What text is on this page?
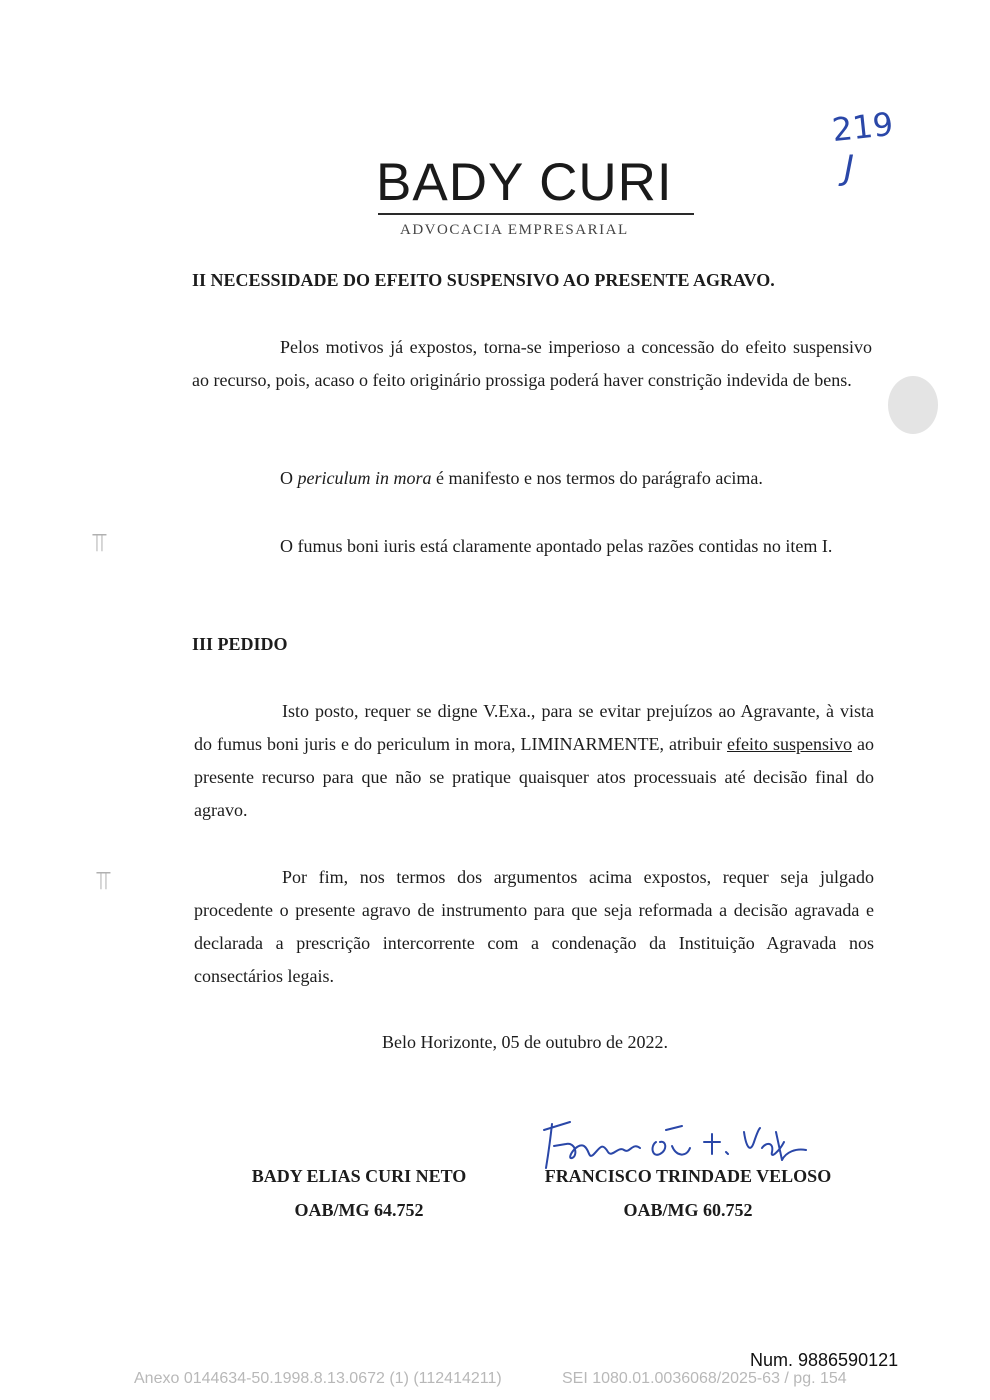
BADY CURI
ADVOCACIA EMPRESARIAL
219
J
⫪
⫪
II NECESSIDADE DO EFEITO SUSPENSIVO AO PRESENTE AGRAVO.
Pelos motivos já expostos, torna-se imperioso a concessão do efeito suspensivo ao recurso, pois, acaso o feito originário prossiga poderá haver constrição indevida de bens.
O periculum in mora é manifesto e nos termos do parágrafo acima.
O fumus boni iuris está claramente apontado pelas razões contidas no item I.
III PEDIDO
Isto posto, requer se digne V.Exa., para se evitar prejuízos ao Agravante, à vista do fumus boni juris e do periculum in mora, LIMINARMENTE, atribuir efeito suspensivo ao presente recurso para que não se pratique quaisquer atos processuais até decisão final do agravo.
Por fim, nos termos dos argumentos acima expostos, requer seja julgado procedente o presente agravo de instrumento para que seja reformada a decisão agravada e declarada a prescrição intercorrente com a condenação da Instituição Agravada nos consectários legais.
Belo Horizonte, 05 de outubro de 2022.
BADY ELIAS CURI NETO
OAB/MG 64.752
FRANCISCO TRINDADE VELOSO
OAB/MG 60.752
Num. 9886590121
Anexo 0144634-50.1998.8.13.0672 (1) (112414211)	SEI 1080.01.0036068/2025-63 / pg. 154
